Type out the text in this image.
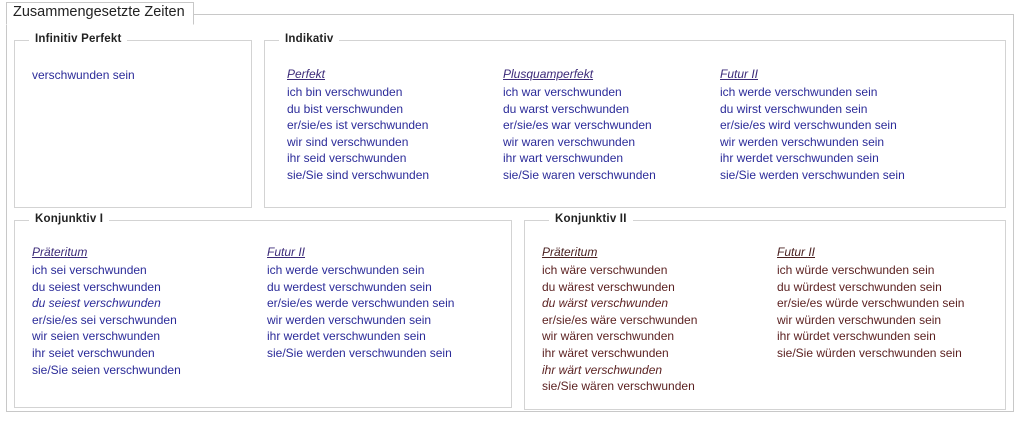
Zusammengesetzte Zeiten
Infinitiv Perfekt
verschwunden sein
Indikativ
Perfekt
ich bin verschwunden
du bist verschwunden
er/sie/es ist verschwunden
wir sind verschwunden
ihr seid verschwunden
sie/Sie sind verschwunden
Plusquamperfekt
ich war verschwunden
du warst verschwunden
er/sie/es war verschwunden
wir waren verschwunden
ihr wart verschwunden
sie/Sie waren verschwunden
Futur II
ich werde verschwunden sein
du wirst verschwunden sein
er/sie/es wird verschwunden sein
wir werden verschwunden sein
ihr werdet verschwunden sein
sie/Sie werden verschwunden sein
Konjunktiv I
Präteritum
ich sei verschwunden
du seiest verschwunden
du seiest verschwunden
er/sie/es sei verschwunden
wir seien verschwunden
ihr seiet verschwunden
sie/Sie seien verschwunden
Futur II
ich werde verschwunden sein
du werdest verschwunden sein
er/sie/es werde verschwunden sein
wir werden verschwunden sein
ihr werdet verschwunden sein
sie/Sie werden verschwunden sein
Konjunktiv II
Präteritum
ich wäre verschwunden
du wärest verschwunden
du wärst verschwunden
er/sie/es wäre verschwunden
wir wären verschwunden
ihr wäret verschwunden
ihr wärt verschwunden
sie/Sie wären verschwunden
Futur II
ich würde verschwunden sein
du würdest verschwunden sein
er/sie/es würde verschwunden sein
wir würden verschwunden sein
ihr würdet verschwunden sein
sie/Sie würden verschwunden sein
